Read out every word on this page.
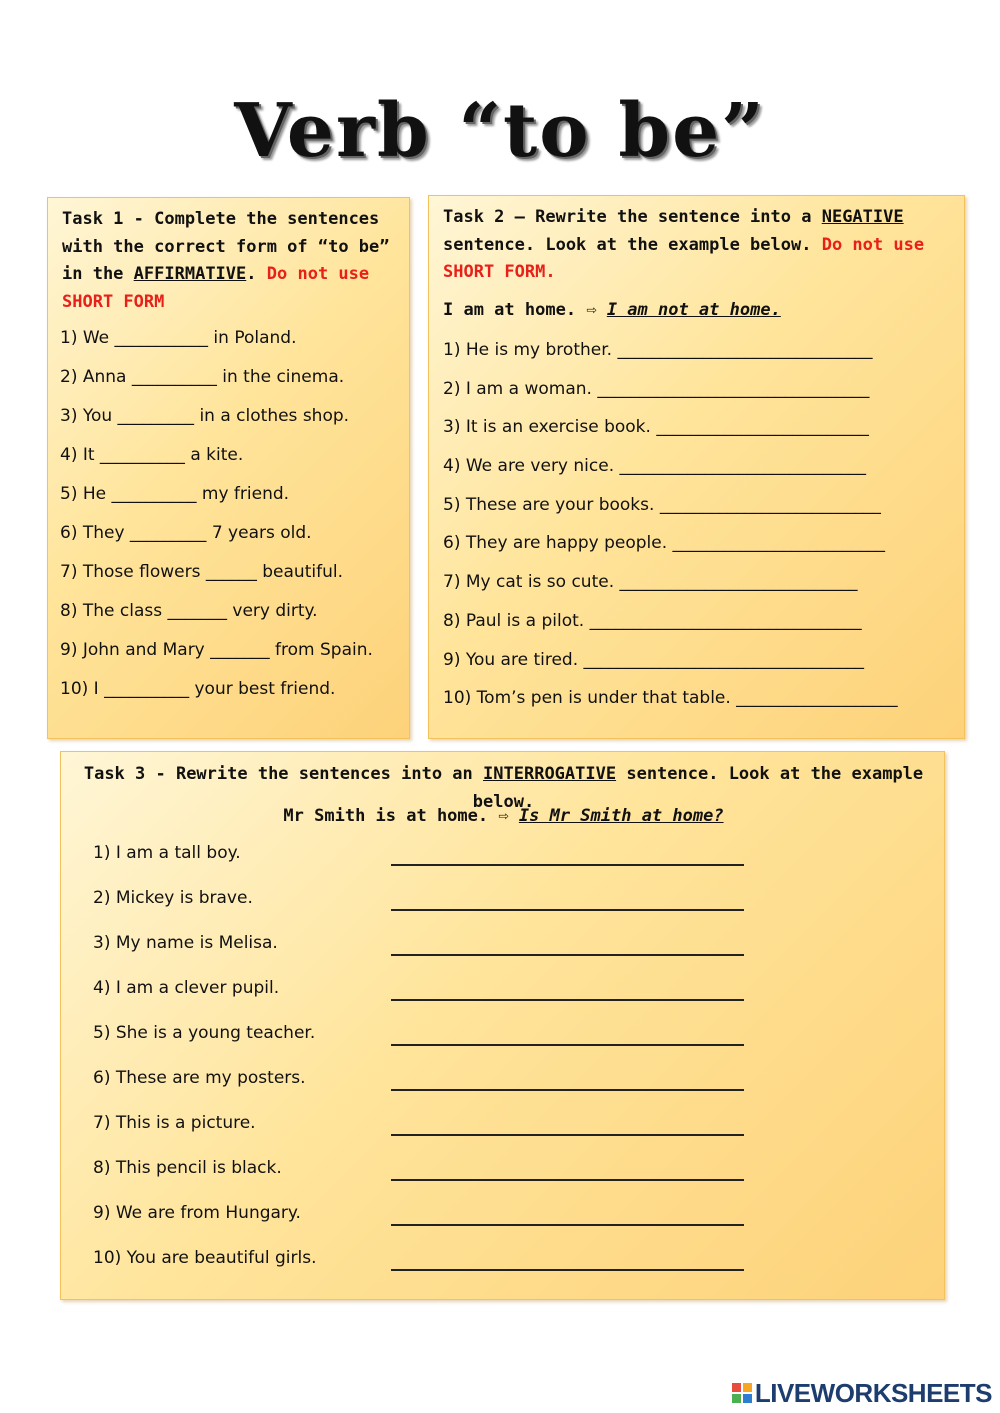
Verb “to be”
Task 1 - Complete the sentences with the correct form of “to be” in the AFFIRMATIVE. Do not use SHORT FORM
1) We ___________ in Poland.
2) Anna __________ in the cinema.
3) You _________ in a clothes shop.
4) It __________ a kite.
5) He __________ my friend.
6) They _________ 7 years old.
7) Those flowers ______ beautiful.
8) The class _______ very dirty.
9) John and Mary _______ from Spain.
10) I __________ your best friend.
Task 2 – Rewrite the sentence into a NEGATIVE sentence. Look at the example below. Do not use SHORT FORM.
I am at home. ⇨ I am not at home.
1) He is my brother. ______________________________
2) I am a woman. ________________________________
3) It is an exercise book. _________________________
4) We are very nice. _____________________________
5) These are your books. __________________________
6) They are happy people. _________________________
7) My cat is so cute. ____________________________
8) Paul is a pilot. ________________________________
9) You are tired. _________________________________
10) Tom’s pen is under that table. ___________________
Task 3 - Rewrite the sentences into an INTERROGATIVE sentence. Look at the example below.
Mr Smith is at home. ⇨ Is Mr Smith at home?
1) I am a tall boy.
2) Mickey is brave.
3) My name is Melisa.
4) I am a clever pupil.
5) She is a young teacher.
6) These are my posters.
7) This is a picture.
8) This pencil is black.
9) We are from Hungary.
10) You are beautiful girls.
LIVEWORKSHEETS
